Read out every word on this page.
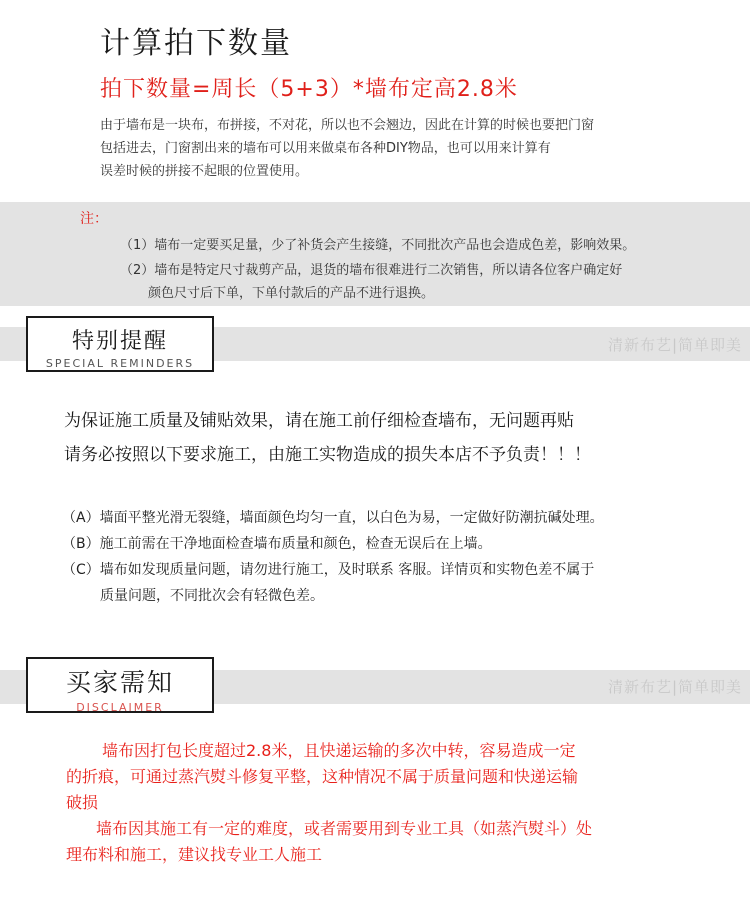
计算拍下数量
拍下数量=周长（5+3）*墙布定高2.8米

由于墙布是一块布，布拼接，不对花，所以也不会翘边，因此在计算的时候也要把门窗

包括进去，门窗割出来的墙布可以用来做桌布各种DIY物品，也可以用来计算有

误差时候的拼接不起眼的位置使用。

注：
（1）墙布一定要买足量，少了补货会产生接缝，不同批次产品也会造成色差，影响效果。
（2）墙布是特定尺寸裁剪产品，退货的墙布很难进行二次销售，所以请各位客户确定好
颜色尺寸后下单，下单付款后的产品不进行退换。
清新布艺|简单即美
特别提醒
SPECIAL REMINDERS

为保证施工质量及铺贴效果，请在施工前仔细检查墙布，无问题再贴

请务必按照以下要求施工，由施工实物造成的损失本店不予负责！！！

（A）墙面平整光滑无裂缝，墙面颜色均匀一直，以白色为易，一定做好防潮抗碱处理。

（B）施工前需在干净地面检查墙布质量和颜色，检查无误后在上墙。

（C）墙布如发现质量问题，请勿进行施工，及时联系 客服。详情页和实物色差不属于

质量问题，不同批次会有轻微色差。

清新布艺|简单即美
买家需知
DISCLAIMER

墙布因打包长度超过2.8米，且快递运输的多次中转，容易造成一定

的折痕，可通过蒸汽熨斗修复平整，这种情况不属于质量问题和快递运输

破损

墙布因其施工有一定的难度，或者需要用到专业工具（如蒸汽熨斗）处

理布料和施工，建议找专业工人施工
